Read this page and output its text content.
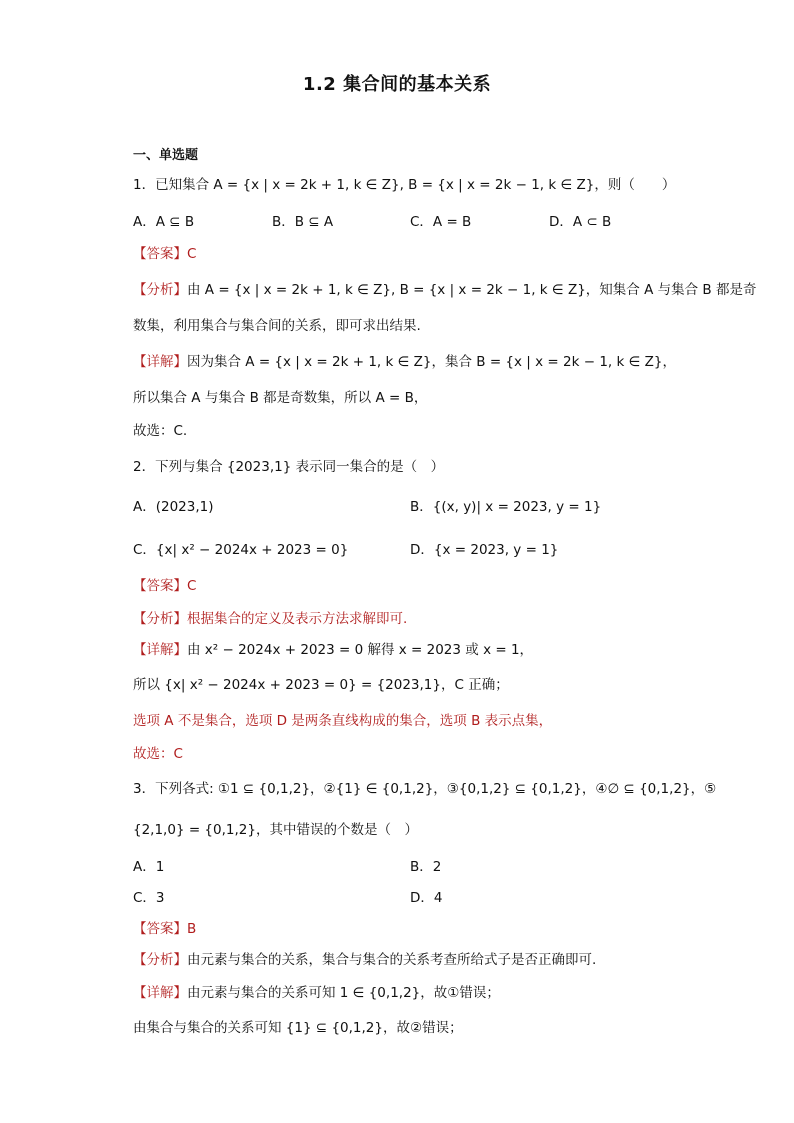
1.2 集合间的基本关系
一、单选题
1．已知集合 A = {x | x = 2k + 1, k ∈ Z}, B = {x | x = 2k − 1, k ∈ Z}，则（　　）
A．A ⊆ B	B．B ⊆ A	C．A = B	D．A ⊂ B
【答案】C
【分析】由 A = {x | x = 2k + 1, k ∈ Z}, B = {x | x = 2k − 1, k ∈ Z}，知集合 A 与集合 B 都是奇
数集，利用集合与集合间的关系，即可求出结果.
【详解】因为集合 A = {x | x = 2k + 1, k ∈ Z}，集合 B = {x | x = 2k − 1, k ∈ Z}，
所以集合 A 与集合 B 都是奇数集，所以 A = B，
故选：C.
2．下列与集合 {2023,1} 表示同一集合的是（　）
A．(2023,1)	B．{(x, y)| x = 2023, y = 1}
C．{x| x² − 2024x + 2023 = 0}	D．{x = 2023, y = 1}
【答案】C
【分析】根据集合的定义及表示方法求解即可.
【详解】由 x² − 2024x + 2023 = 0 解得 x = 2023 或 x = 1，
所以 {x| x² − 2024x + 2023 = 0} = {2023,1}，C 正确；
选项 A 不是集合，选项 D 是两条直线构成的集合，选项 B 表示点集，
故选：C
3．下列各式: ①1 ⊆ {0,1,2}，②{1} ∈ {0,1,2}，③{0,1,2} ⊆ {0,1,2}，④∅ ⊆ {0,1,2}，⑤
{2,1,0} = {0,1,2}，其中错误的个数是（　）
A．1	B．2
C．3	D．4
【答案】B
【分析】由元素与集合的关系，集合与集合的关系考查所给式子是否正确即可.
【详解】由元素与集合的关系可知 1 ∈ {0,1,2}，故①错误；
由集合与集合的关系可知 {1} ⊆ {0,1,2}，故②错误；
